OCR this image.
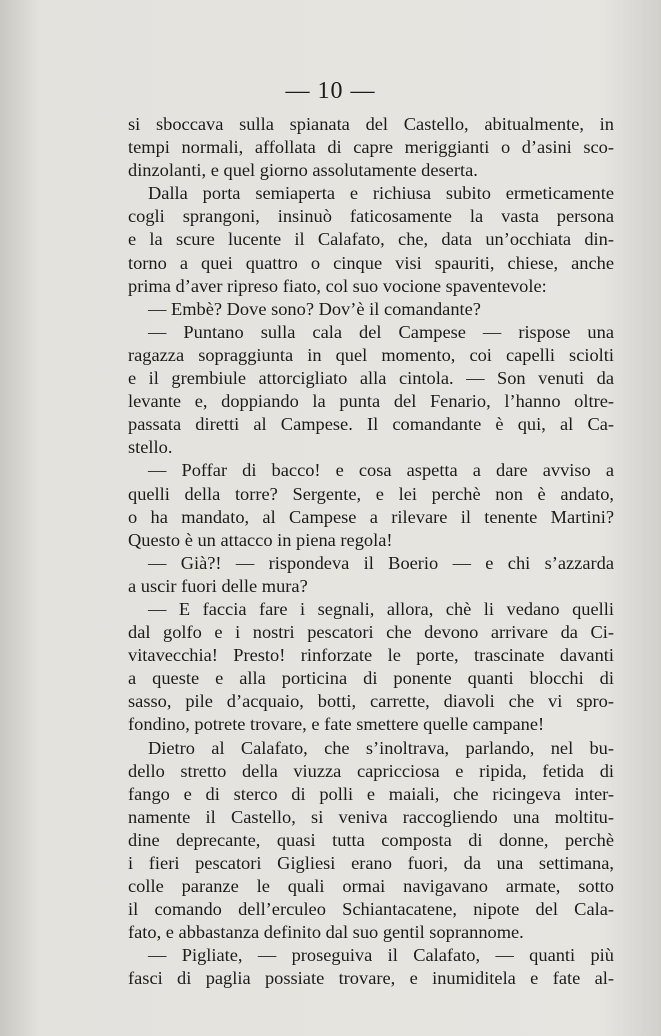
— 10 —
si sboccava sulla spianata del Castello, abitualmente, in
tempi normali, affollata di capre meriggianti o d’asini sco-
dinzolanti, e quel giorno assolutamente deserta.
Dalla porta semiaperta e richiusa subito ermeticamente
cogli sprangoni, insinuò faticosamente la vasta persona
e la scure lucente il Calafato, che, data un’occhiata din-
torno a quei quattro o cinque visi spauriti, chiese, anche
prima d’aver ripreso fiato, col suo vocione spaventevole:
— Embè? Dove sono? Dov’è il comandante?
— Puntano sulla cala del Campese — rispose una
ragazza sopraggiunta in quel momento, coi capelli sciolti
e il grembiule attorcigliato alla cintola. — Son venuti da
levante e, doppiando la punta del Fenario, l’hanno oltre-
passata diretti al Campese. Il comandante è qui, al Ca-
stello.
— Poffar di bacco! e cosa aspetta a dare avviso a
quelli della torre? Sergente, e lei perchè non è andato,
o ha mandato, al Campese a rilevare il tenente Martini?
Questo è un attacco in piena regola!
— Già?! — rispondeva il Boerio — e chi s’azzarda
a uscir fuori delle mura?
— E faccia fare i segnali, allora, chè li vedano quelli
dal golfo e i nostri pescatori che devono arrivare da Ci-
vitavecchia! Presto! rinforzate le porte, trascinate davanti
a queste e alla porticina di ponente quanti blocchi di
sasso, pile d’acquaio, botti, carrette, diavoli che vi spro-
fondino, potrete trovare, e fate smettere quelle campane!
Dietro al Calafato, che s’inoltrava, parlando, nel bu-
dello stretto della viuzza capricciosa e ripida, fetida di
fango e di sterco di polli e maiali, che ricingeva inter-
namente il Castello, si veniva raccogliendo una moltitu-
dine deprecante, quasi tutta composta di donne, perchè
i fieri pescatori Gigliesi erano fuori, da una settimana,
colle paranze le quali ormai navigavano armate, sotto
il comando dell’erculeo Schiantacatene, nipote del Cala-
fato, e abbastanza definito dal suo gentil soprannome.
— Pigliate, — proseguiva il Calafato, — quanti più
fasci di paglia possiate trovare, e inumiditela e fate al-
